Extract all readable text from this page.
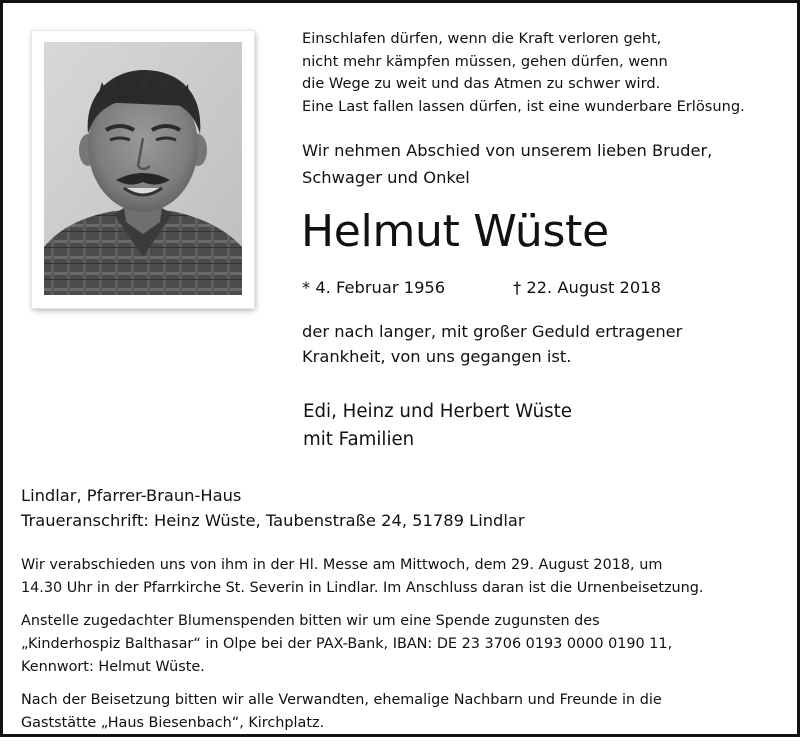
Einschlafen dürfen, wenn die Kraft verloren geht,
nicht mehr kämpfen müssen, gehen dürfen, wenn
die Wege zu weit und das Atmen zu schwer wird.
Eine Last fallen lassen dürfen, ist eine wunderbare Erlösung.
Wir nehmen Abschied von unserem lieben Bruder,
Schwager und Onkel
Helmut Wüste
* 4. Februar 1956	† 22. August 2018
der nach langer, mit großer Geduld ertragener
Krankheit, von uns gegangen ist.
Edi, Heinz und Herbert Wüste
mit Familien
Lindlar, Pfarrer-Braun-Haus
Traueranschrift: Heinz Wüste, Taubenstraße 24, 51789 Lindlar

Wir verabschieden uns von ihm in der Hl. Messe am Mittwoch, dem 29. August 2018, um
14.30 Uhr in der Pfarrkirche St. Severin in Lindlar. Im Anschluss daran ist die Urnenbeisetzung.

Anstelle zugedachter Blumenspenden bitten wir um eine Spende zugunsten des
„Kinderhospiz Balthasar“ in Olpe bei der PAX-Bank, IBAN: DE 23 3706 0193 0000 0190 11,
Kennwort: Helmut Wüste.

Nach der Beisetzung bitten wir alle Verwandten, ehemalige Nachbarn und Freunde in die
Gaststätte „Haus Biesenbach“, Kirchplatz.
